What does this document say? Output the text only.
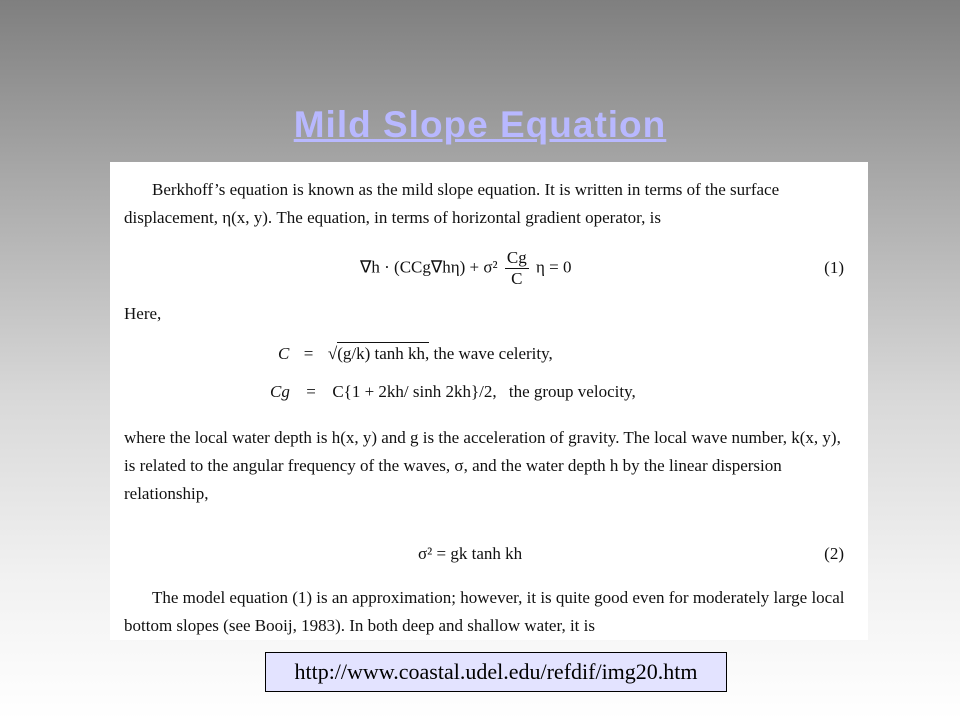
Mild Slope Equation
Berkhoff’s equation is known as the mild slope equation. It is written in terms of the surface displacement, η(x, y). The equation, in terms of horizontal gradient operator, is
$\nabla h \cdot (CCg\nabla h\eta) + \sigma^2 \frac{Cg}{C}$ η = 0	(1)
Here,
C = √(g/k) tanh kh, the wave celerity,
Cg = C{1 + 2kh/ sinh 2kh}/2, the group velocity,
where the local water depth is h(x, y) and g is the acceleration of gravity. The local wave number, k(x, y), is related to the angular frequency of the waves, σ, and the water depth h by the linear dispersion relationship,
σ² = gk tanh kh	(2)
The model equation (1) is an approximation; however, it is quite good even for moderately large local bottom slopes (see Booij, 1983). In both deep and shallow water, it is
http://www.coastal.udel.edu/refdif/img20.htm
